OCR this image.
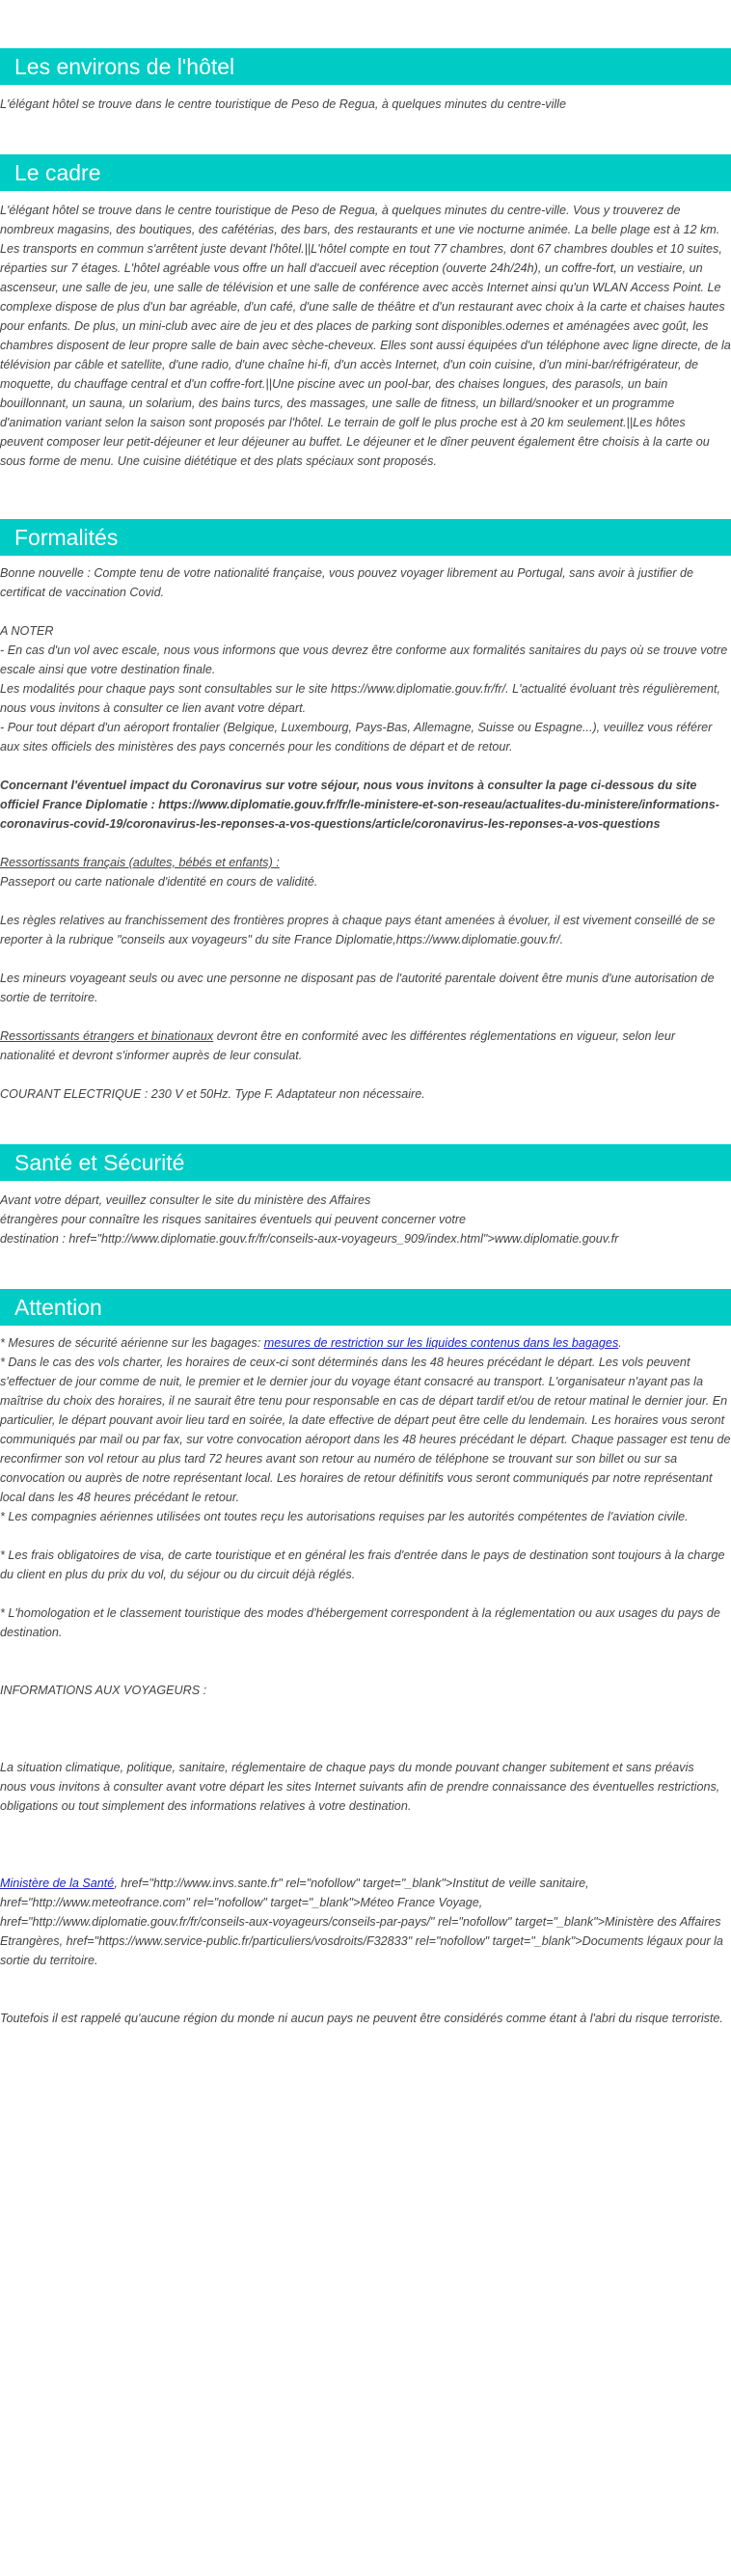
Les environs de l'hôtel

L'élégant hôtel se trouve dans le centre touristique de Peso de Regua, à quelques minutes du centre-ville

Le cadre

L'élégant hôtel se trouve dans le centre touristique de Peso de Regua, à quelques minutes du centre-ville. Vous y trouverez de nombreux magasins, des boutiques, des cafétérias, des bars, des restaurants et une vie nocturne animée. La belle plage est à 12 km. Les transports en commun s'arrêtent juste devant l'hôtel.||L'hôtel compte en tout 77 chambres, dont 67 chambres doubles et 10 suites, réparties sur 7 étages. L'hôtel agréable vous offre un hall d'accueil avec réception (ouverte 24h/24h), un coffre-fort, un vestiaire, un ascenseur, une salle de jeu, une salle de télévision et une salle de conférence avec accès Internet ainsi qu'un WLAN Access Point. Le complexe dispose de plus d'un bar agréable, d'un café, d'une salle de théâtre et d'un restaurant avec choix à la carte et chaises hautes pour enfants. De plus, un mini-club avec aire de jeu et des places de parking sont disponibles.odernes et aménagées avec goût, les chambres disposent de leur propre salle de bain avec sèche-cheveux. Elles sont aussi équipées d'un téléphone avec ligne directe, de la télévision par câble et satellite, d'une radio, d'une chaîne hi-fi, d'un accès Internet, d'un coin cuisine, d'un mini-bar/réfrigérateur, de moquette, du chauffage central et d'un coffre-fort.||Une piscine avec un pool-bar, des chaises longues, des parasols, un bain bouillonnant, un sauna, un solarium, des bains turcs, des massages, une salle de fitness, un billard/snooker et un programme d'animation variant selon la saison sont proposés par l'hôtel. Le terrain de golf le plus proche est à 20 km seulement.||Les hôtes peuvent composer leur petit-déjeuner et leur déjeuner au buffet. Le déjeuner et le dîner peuvent également être choisis à la carte ou sous forme de menu. Une cuisine diététique et des plats spéciaux sont proposés.

Formalités

Bonne nouvelle : Compte tenu de votre nationalité française, vous pouvez voyager librement au Portugal, sans avoir à justifier de certificat de vaccination Covid.

A NOTER

- En cas d'un vol avec escale, nous vous informons que vous devrez être conforme aux formalités sanitaires du pays où se trouve votre escale ainsi que votre destination finale.

Les modalités pour chaque pays sont consultables sur le site https://www.diplomatie.gouv.fr/fr/. L'actualité évoluant très régulièrement, nous vous invitons à consulter ce lien avant votre départ.

- Pour tout départ d'un aéroport frontalier (Belgique, Luxembourg, Pays-Bas, Allemagne, Suisse ou Espagne...), veuillez vous référer aux sites officiels des ministères des pays concernés pour les conditions de départ et de retour.

Concernant l'éventuel impact du Coronavirus sur votre séjour, nous vous invitons à consulter la page ci-dessous du site officiel France Diplomatie : https://www.diplomatie.gouv.fr/fr/le-ministere-et-son-reseau/actualites-du-ministere/informations-coronavirus-covid-19/coronavirus-les-reponses-a-vos-questions/article/coronavirus-les-reponses-a-vos-questions

Ressortissants français (adultes, bébés et enfants) :

Passeport ou carte nationale d'identité en cours de validité.

Les règles relatives au franchissement des frontières propres à chaque pays étant amenées à évoluer, il est vivement conseillé de se reporter à la rubrique "conseils aux voyageurs" du site France Diplomatie,https://www.diplomatie.gouv.fr/.

Les mineurs voyageant seuls ou avec une personne ne disposant pas de l'autorité parentale doivent être munis d'une autorisation de sortie de territoire.

Ressortissants étrangers et binationaux devront être en conformité avec les différentes réglementations en vigueur, selon leur nationalité et devront s'informer auprès de leur consulat.

COURANT ELECTRIQUE : 230 V et 50Hz. Type F. Adaptateur non nécessaire.

Santé et Sécurité

Avant votre départ, veuillez consulter le site du ministère des Affaires

étrangères pour connaître les risques sanitaires éventuels qui peuvent concerner votre

destination : href="http://www.diplomatie.gouv.fr/fr/conseils-aux-voyageurs_909/index.html">www.diplomatie.gouv.fr

Attention

* Mesures de sécurité aérienne sur les bagages: mesures de restriction sur les liquides contenus dans les bagages.

* Dans le cas des vols charter, les horaires de ceux-ci sont déterminés dans les 48 heures précédant le départ. Les vols peuvent s'effectuer de jour comme de nuit, le premier et le dernier jour du voyage étant consacré au transport. L'organisateur n'ayant pas la maîtrise du choix des horaires, il ne saurait être tenu pour responsable en cas de départ tardif et/ou de retour matinal le dernier jour. En particulier, le départ pouvant avoir lieu tard en soirée, la date effective de départ peut être celle du lendemain. Les horaires vous seront communiqués par mail ou par fax, sur votre convocation aéroport dans les 48 heures précédant le départ. Chaque passager est tenu de reconfirmer son vol retour au plus tard 72 heures avant son retour au numéro de téléphone se trouvant sur son billet ou sur sa convocation ou auprès de notre représentant local. Les horaires de retour définitifs vous seront communiqués par notre représentant local dans les 48 heures précédant le retour.

* Les compagnies aériennes utilisées ont toutes reçu les autorisations requises par les autorités compétentes de l'aviation civile.

* Les frais obligatoires de visa, de carte touristique et en général les frais d'entrée dans le pays de destination sont toujours à la charge du client en plus du prix du vol, du séjour ou du circuit déjà réglés.

* L'homologation et le classement touristique des modes d'hébergement correspondent à la réglementation ou aux usages du pays de destination.

INFORMATIONS AUX VOYAGEURS :

La situation climatique, politique, sanitaire, réglementaire de chaque pays du monde pouvant changer subitement et sans préavis

nous vous invitons à consulter avant votre départ les sites Internet suivants afin de prendre connaissance des éventuelles restrictions, obligations ou tout simplement des informations relatives à votre destination.

Ministère de la Santé, href="http://www.invs.sante.fr" rel="nofollow" target="_blank">Institut de veille sanitaire, href="http://www.meteofrance.com" rel="nofollow" target="_blank">Méteo France Voyage, href="http://www.diplomatie.gouv.fr/fr/conseils-aux-voyageurs/conseils-par-pays/" rel="nofollow" target="_blank">Ministère des Affaires Etrangères, href="https://www.service-public.fr/particuliers/vosdroits/F32833" rel="nofollow" target="_blank">Documents légaux pour la sortie du territoire.

Toutefois il est rappelé qu'aucune région du monde ni aucun pays ne peuvent être considérés comme étant à l'abri du risque terroriste.
